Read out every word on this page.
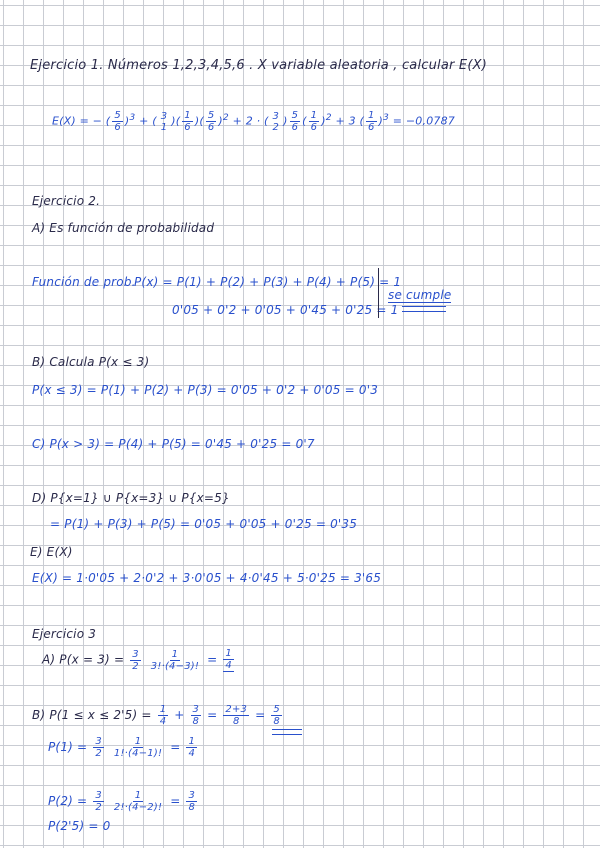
Ejercicio 1. Números 1,2,3,4,5,6 . X variable aleatoria , calcular E(X)
E(X) = − ( $\frac{5}{6} )^3$ + ( 3
1 )( $\frac{1}{6}$ )( $\frac{5}{6} )^2 + 2$ · ( 3
2 ) $\frac{5}{6}$ ( $\frac{1}{6} )^2 + 3$ ( $\frac{1}{6} )^3 = -0,0787$
Ejercicio 2.
A) Es función de probabilidad
Función de prob.
P(x) = P(1) + P(2) + P(3) + P(4) + P(5) = 1
0'05 + 0'2 + 0'05 + 0'45 + 0'25 = 1
se cumple
B) Calcula P(x ≤ 3)
P(x ≤ 3) = P(1) + P(2) + P(3) = 0'05 + 0'2 + 0'05 = 0'3
C) P(x > 3) = P(4) + P(5) = 0'45 + 0'25 = 0'7
D) P{x=1} ∪ P{x=3} ∪ P{x=5}
= P(1) + P(3) + P(5) = 0'05 + 0'05 + 0'25 = 0'35
E) E(X)
E(X) = 1·0'05 + 2·0'2 + 3·0'05 + 4·0'45 + 5·0'25 = 3'65
Ejercicio 3
A) $P(x = 3) = \frac{3}{2}$
$\frac{1}{3!\cdot(4-3)!} = \frac{1}{4}$
B) $P(1 \le x \le 2'5) = \frac{1}{4} + \frac{3}{8} = \frac{2+3}{8} = \frac{5}{8}$
$P(1) = \frac{3}{2}$
$\frac{1}{1!\cdot(4-1)!} = \frac{1}{4}$
$P(2) = \frac{3}{2}$
$\frac{1}{2!\cdot(4-2)!} = \frac{3}{8}$
P(2'5) = 0
